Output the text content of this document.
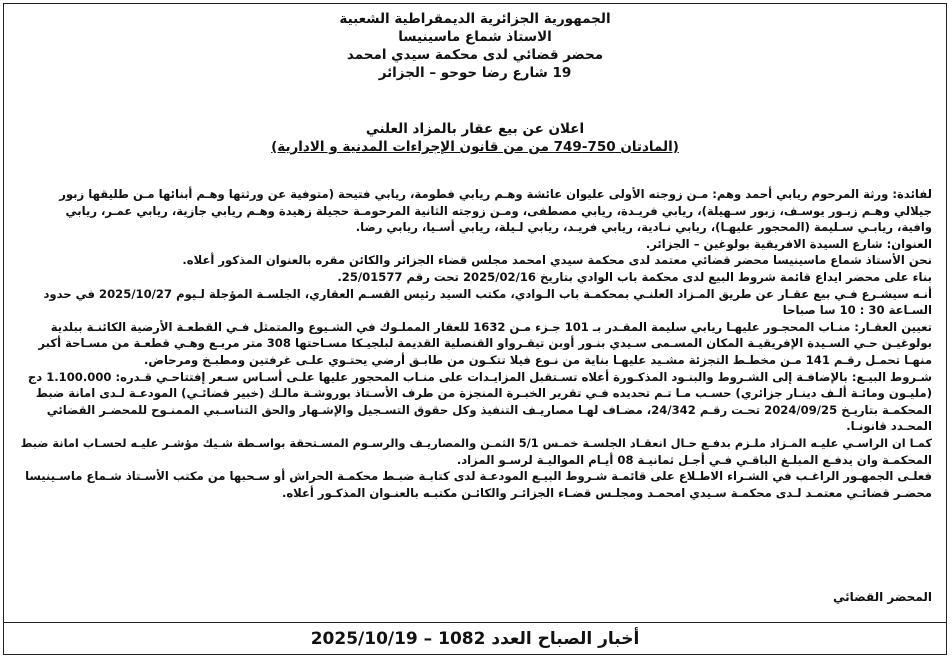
الجمهورية الجزائرية الديمقراطية الشعبية
الاستاذ شماع ماسينيسا
محضر قضائي لدى محكمة سيدي امحمد
19 شارع رضا حوحو – الجزائر
اعلان عن بيع عقار بالمزاد العلني
(المادتان 750-749 من من قانون الإجراءات المدنية و الادارية)

لفائدة: ورثة المرحوم ريابي أحمد وهم: مـن زوجته الأولى عليوان عائشة وهـم ريابي فطومة، ريابي فتيحة (متوفية عن ورثتها وهـم أبنائها مـن طليقها زبور
جيلالي وهـم زبـور يوسـف، زبور سـهيلة)، ريابي فريـدة، ريابي مصطفى، ومـن زوجته الثانية المرحومـة حجيلة زهيدة وهـم ريابي جازية، ريابي عمـر، ريابي
وافية، ريابـي سـليمة (المحجور عليهـا)، ريابي نـادية، ريابي فريـد، ريابي لـيلة، ريابي أسـيا، ريابي رضا.

العنوان: شارع السيدة الافريقية بولوغين – الجزائر.

نحن الأستاذ شماع ماسينيسا محضر قضائي معتمد لدى محكمة سيدي امحمد مجلس قضاء الجزائر والكائن مقره بالعنوان المذكور أعلاه.

بناء على محضر ايداع قائمة شروط البيع لدى محكمة باب الوادي بتاريخ 2025/02/16 تحت رقم 25/01577.

أنـه سيشـرع فـي بيع عقـار عن طريق المـزاد العلنـي بمحكمـة باب الـوادي، مكتب السيد رئيس القسـم العقاري، الجلسـة المؤجلة لـيوم 2025/10/27 في حدود
السـاعة 30 : 10 سا صباحا

تعيين العقـار: منـاب المحجـور عليهـا ريابي سليمة المقـدر بـ 101 جـزء مـن 1632 للعقار المملـوك في الشـيوع والمتمثل فـي القطعـة الأرضية الكائنـة ببلدية
بولوغيـن حـي السـيدة الإفريقيـة المكان المسـمى سـيدي بنـور أوبن تيقـرواو القنصلية القديمة لبلجيـكا مسـاحتها 308 متر مربـع وهـي قطعـة من مسـاحة أكبر
منهـا تحمـل رقـم 141 مـن مخطـط التجزئة مشـيد عليهـا بناية من نـوع فيلا تتكـون من طابـق أرضي يحتـوي علـى غرفتين ومطبـخ ومرحاض.

شـروط البيـع: بالإضافـة إلى الشـروط والبنـود المذكـورة أعلاه تسـتقبل المزايـدات على منـاب المحجور عليها علـى أسـاس سـعر إفتتاحـي قـدره: 1.100.000 دج
(مليـون ومائـة ألـف دينـار جزائري) حسـب مـا تـم تحديده فـي تقرير الخبـرة المنجزة من طرف الأسـتاذ بوروشـة مالـك (خبير قضائـي) المودعـة لـدى امانة ضبط
المحكمـة بتاريـخ 2024/09/25 تحـت رقـم 24/342، مضـاف لهـا مصاريـف التنفيذ وكل حقوق التسـجيل والإشـهار والحق التناسـبي الممنـوح للمحضـر القضائي
المحـدد قانونـا.

كمـا ان الراسـي عليـه المـزاد ملـزم بدفـع حـال انعقـاد الجلسـة خمـس 5/1 الثمـن والمصاريـف والرسـوم المسـتحقة بواسـطة شـيك مؤشـر عليـه لحسـاب امانة ضبط
المحكمـة وان يدفـع المبلـغ الباقـي فـي أجـل ثمانيـة 08 أيـام المواليـة لرسـو المزاد.

فعلـى الجمهـور الراغـب في الشـراء الاطـلاع على قائمـة شـروط البيـع المودعـة لدى كتابـة ضبـط محكمـة الحراش أو سـحبها من مكتب الأسـتاذ شـماع ماسـينيسا
محضـر قضائـي معتمـد لـدى محكمـة سـيدي امحمـد ومجلـس قضـاء الجزائـر والكائـن مكتبـه بالعنـوان المذكـور أعلاه.

المحضر القضائي
أخبار الصباح العدد 1082 – 2025/10/19
